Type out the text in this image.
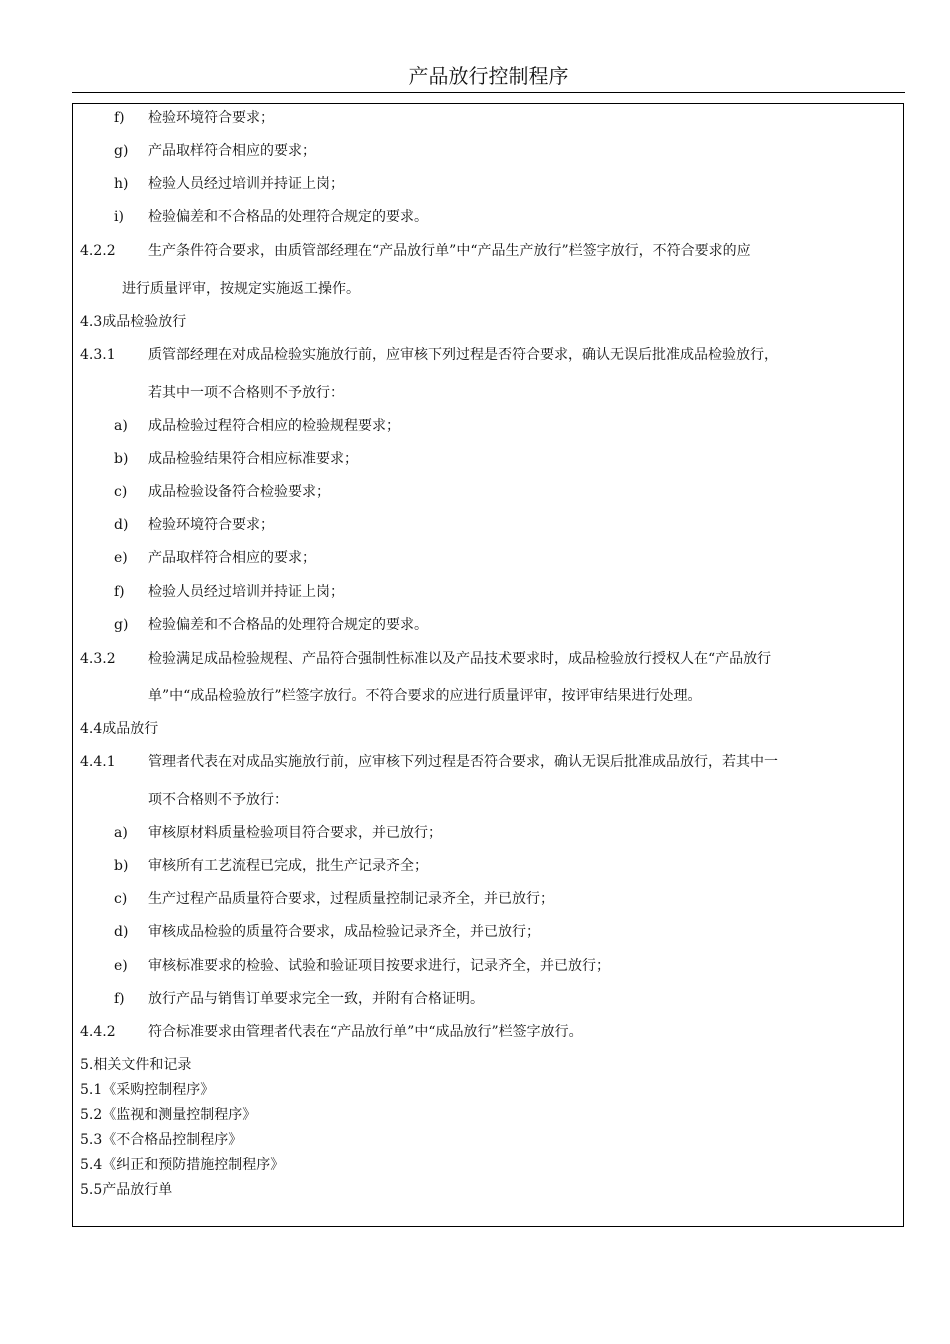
产品放行控制程序
f) 检验环境符合要求；
g) 产品取样符合相应的要求；
h) 检验人员经过培训并持证上岗；
i) 检验偏差和不合格品的处理符合规定的要求。
4.2.2 生产条件符合要求，由质管部经理在“产品放行单”中“产品生产放行”栏签字放行，不符合要求的应
进行质量评审，按规定实施返工操作。
4.3成品检验放行
4.3.1 质管部经理在对成品检验实施放行前，应审核下列过程是否符合要求，确认无误后批准成品检验放行，
若其中一项不合格则不予放行：
a) 成品检验过程符合相应的检验规程要求；
b) 成品检验结果符合相应标准要求；
c) 成品检验设备符合检验要求；
d) 检验环境符合要求；
e) 产品取样符合相应的要求；
f) 检验人员经过培训并持证上岗；
g) 检验偏差和不合格品的处理符合规定的要求。
4.3.2 检验满足成品检验规程、产品符合强制性标准以及产品技术要求时，成品检验放行授权人在“产品放行
单”中“成品检验放行”栏签字放行。不符合要求的应进行质量评审，按评审结果进行处理。
4.4成品放行
4.4.1 管理者代表在对成品实施放行前，应审核下列过程是否符合要求，确认无误后批准成品放行，若其中一
项不合格则不予放行：
a) 审核原材料质量检验项目符合要求，并已放行；
b) 审核所有工艺流程已完成，批生产记录齐全；
c) 生产过程产品质量符合要求，过程质量控制记录齐全，并已放行；
d) 审核成品检验的质量符合要求，成品检验记录齐全，并已放行；
e) 审核标准要求的检验、试验和验证项目按要求进行，记录齐全，并已放行；
f) 放行产品与销售订单要求完全一致，并附有合格证明。
4.4.2 符合标准要求由管理者代表在“产品放行单”中“成品放行”栏签字放行。
5.相关文件和记录
5.1《采购控制程序》
5.2《监视和测量控制程序》
5.3《不合格品控制程序》
5.4《纠正和预防措施控制程序》
5.5产品放行单
